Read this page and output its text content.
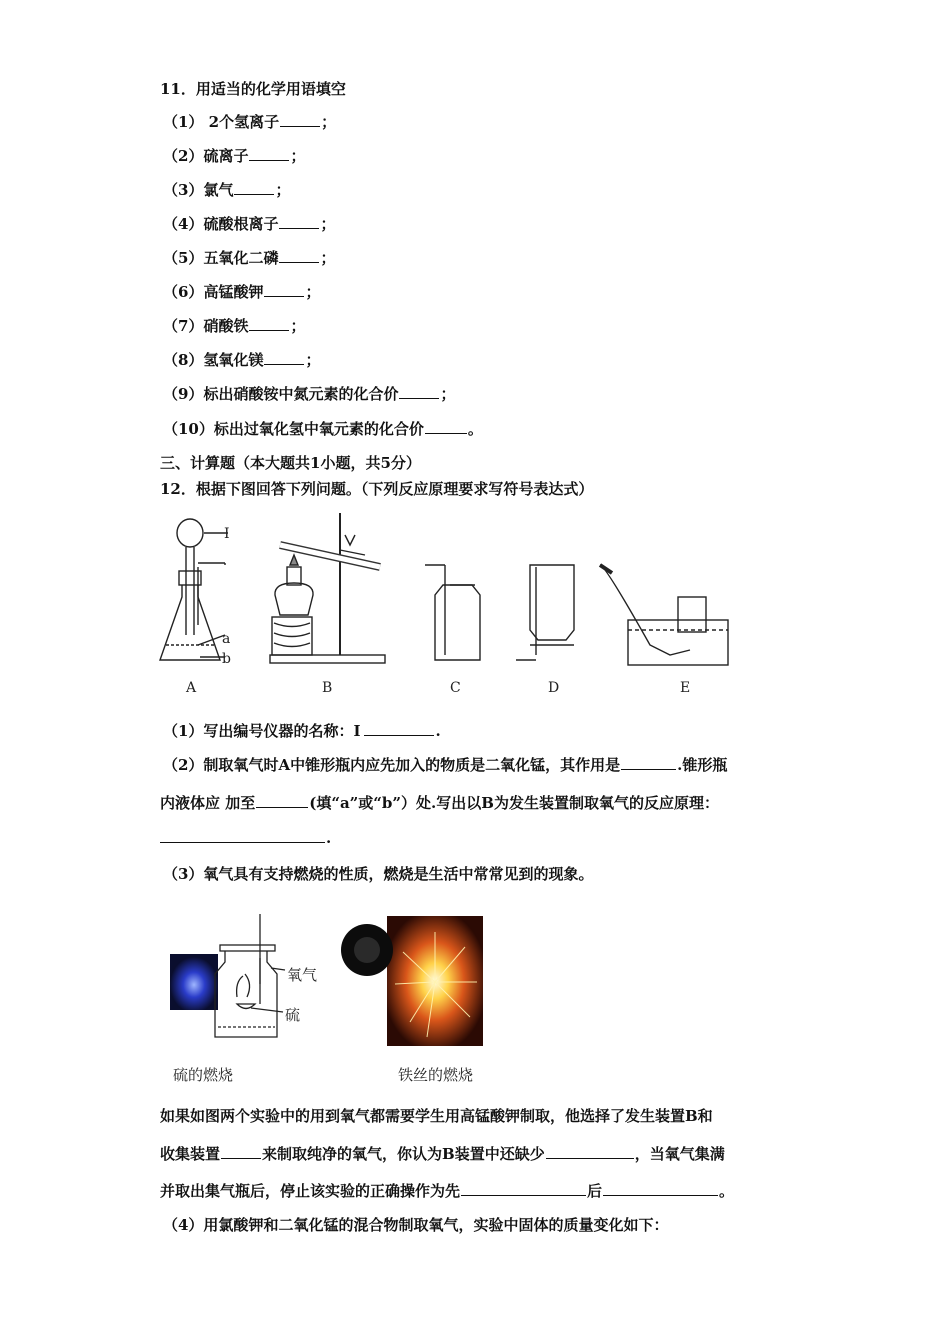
11．用适当的化学用语填空
（1） 2个氢离子	；
（2）硫离子	；
（3）氯气	；
（4）硫酸根离子	；
（5）五氧化二磷	；
（6）高锰酸钾	；
（7）硝酸铁	；
（8）氢氧化镁	；
（9）标出硝酸铵中氮元素的化合价	；
（10）标出过氧化氢中氧元素的化合价	。
三、计算题（本大题共1小题，共5分）
12．根据下图回答下列问题。（下列反应原理要求写符号表达式）
I
a
b
A	B	C	D	E
（1）写出编号仪器的名称：Ⅰ	.
（2）制取氧气时A中锥形瓶内应先加入的物质是二氧化锰，其作用是	.锥形瓶
内液体应 加至	(填“a”或“b”）处.写出以B为发生装置制取氧气的反应原理：
.
（3）氧气具有支持燃烧的性质，燃烧是生活中常常见到的现象。
氧气
硫
硫的燃烧	铁丝的燃烧
如果如图两个实验中的用到氧气都需要学生用高锰酸钾制取，他选择了发生装置B和
收集装置	来制取纯净的氧气，你认为B装置中还缺少	，当氧气集满
并取出集气瓶后，停止该实验的正确操作为先	后	。
（4）用氯酸钾和二氧化锰的混合物制取氧气，实验中固体的质量变化如下：
